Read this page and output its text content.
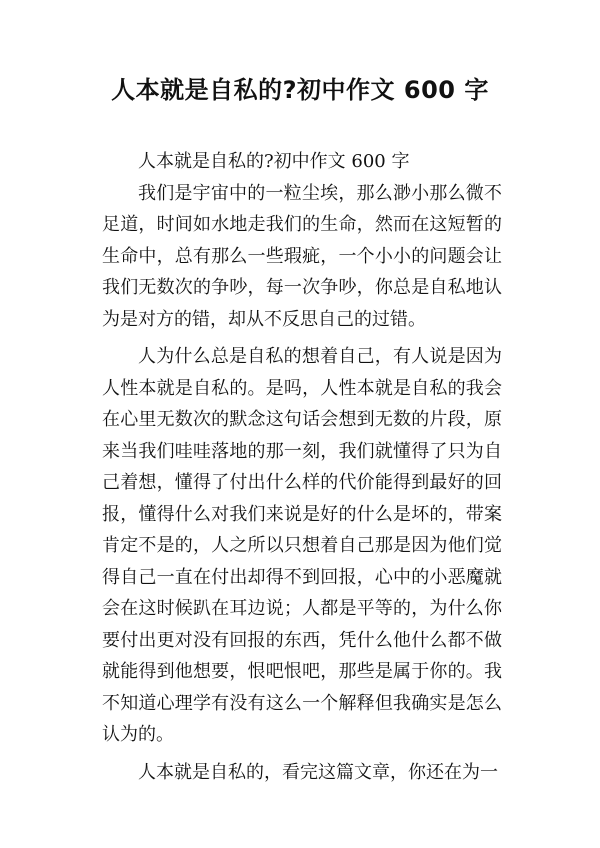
人本就是自私的?初中作文 600 字

人本就是自私的?初中作文 600 字

我们是宇宙中的一粒尘埃，那么渺小那么微不足道，时间如水地走我们的生命，然而在这短暂的生命中，总有那么一些瑕疵，一个小小的问题会让我们无数次的争吵，每一次争吵，你总是自私地认为是对方的错，却从不反思自己的过错。

人为什么总是自私的想着自己，有人说是因为人性本就是自私的。是吗，人性本就是自私的我会在心里无数次的默念这句话会想到无数的片段，原来当我们哇哇落地的那一刻，我们就懂得了只为自己着想，懂得了付出什么样的代价能得到最好的回报，懂得什么对我们来说是好的什么是坏的，带案肯定不是的，人之所以只想着自己那是因为他们觉得自己一直在付出却得不到回报，心中的小恶魔就会在这时候趴在耳边说；人都是平等的，为什么你要付出更对没有回报的东西，凭什么他什么都不做就能得到他想要，恨吧恨吧，那些是属于你的。我不知道心理学有没有这么一个解释但我确实是怎么认为的。

人本就是自私的，看完这篇文章，你还在为一
